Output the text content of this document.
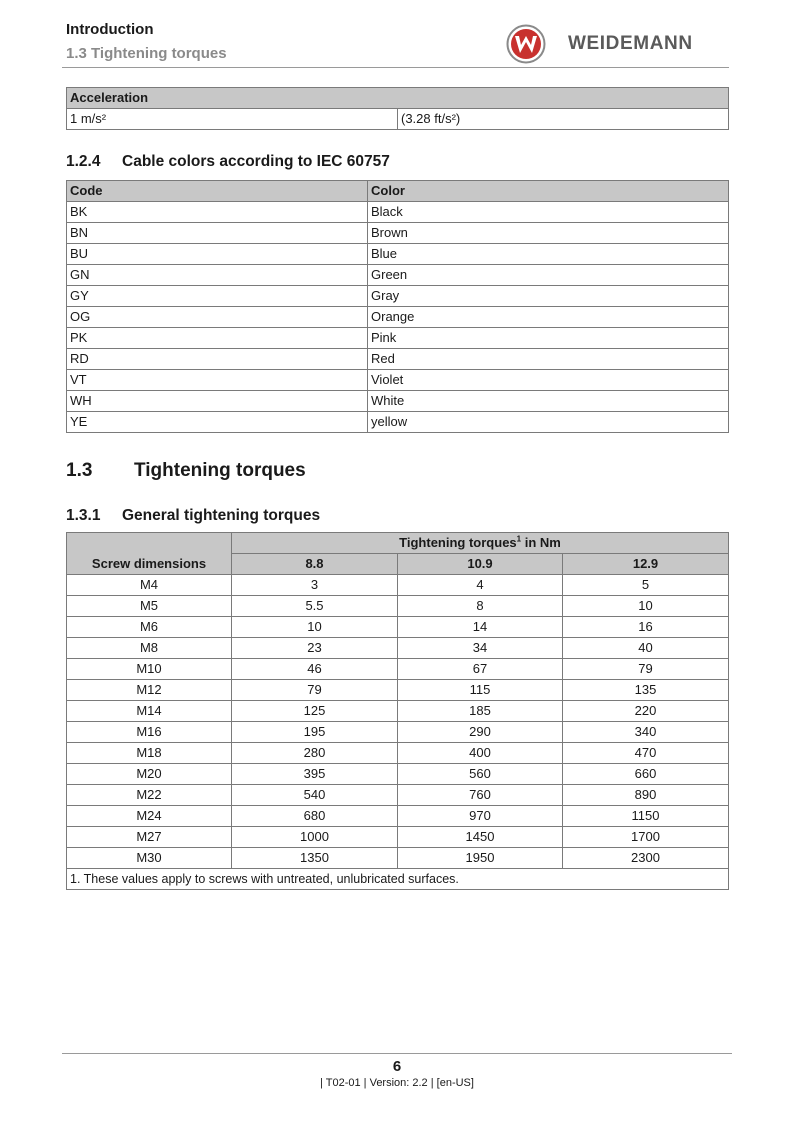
Introduction
1.3 Tightening torques	WEIDEMANN
Acceleration
1 m/s²	(3.28 ft/s²)
1.2.4 Cable colors according to IEC 60757
Code	Color
BK	Black
BN	Brown
BU	Blue
GN	Green
GY	Gray
OG	Orange
PK	Pink
RD	Red
VT	Violet
WH	White
YE	yellow
1.3 Tightening torques
1.3.1 General tightening torques
Screw dimensions	Tightening torques$^1$ in Nm		
	8.8	10.9	12.9
M4	3	4	5
M5	5.5	8	10
M6	10	14	16
M8	23	34	40
M10	46	67	79
M12	79	115	135
M14	125	185	220
M16	195	290	340
M18	280	400	470
M20	395	560	660
M22	540	760	890
M24	680	970	1150
M27	1000	1450	1700
M30	1350	1950	2300
1. These values apply to screws with untreated, unlubricated surfaces.			
6
| T02-01 | Version: 2.2 | [en-US]
